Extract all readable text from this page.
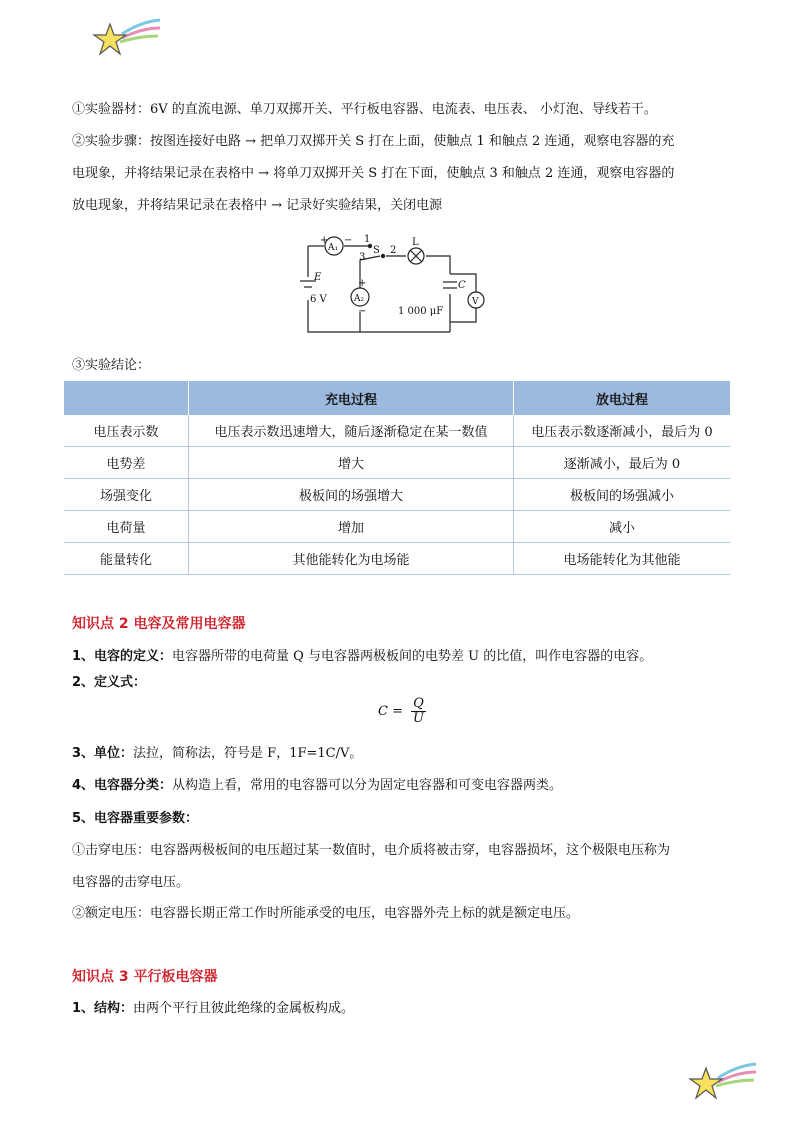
①实验器材：6V 的直流电源、单刀双掷开关、平行板电容器、电流表、电压表、 小灯泡、导线若干。
②实验步骤：按图连接好电路 → 把单刀双掷开关 S 打在上面，使触点 1 和触点 2 连通，观察电容器的充
电现象，并将结果记录在表格中 → 将单刀双掷开关 S 打在下面，使触点 3 和触点 2 连通，观察电容器的
放电现象，并将结果记录在表格中 → 记录好实验结果，关闭电源
+
A₁
− 1
3
S 2
L
E
6 V
+
A₂
−
C
1 000 μF
V
③实验结论：
	充电过程	放电过程
电压表示数	电压表示数迅速增大，随后逐渐稳定在某一数值	电压表示数逐渐减小，最后为 0
电势差	增大	逐渐减小，最后为 0
场强变化	极板间的场强增大	极板间的场强减小
电荷量	增加	减小
能量转化	其他能转化为电场能	电场能转化为其他能
知识点 2 电容及常用电容器
1、电容的定义：电容器所带的电荷量 Q 与电容器两极板间的电势差 U 的比值，叫作电容器的电容。
2、定义式：
$C = \frac{Q}{U}$
3、单位：法拉，简称法，符号是 F，1F=1C/V。
4、电容器分类：从构造上看，常用的电容器可以分为固定电容器和可变电容器两类。
5、电容器重要参数：
①击穿电压：电容器两极板间的电压超过某一数值时，电介质将被击穿，电容器损坏，这个极限电压称为
电容器的击穿电压。
②额定电压：电容器长期正常工作时所能承受的电压，电容器外壳上标的就是额定电压。
知识点 3 平行板电容器
1、结构：由两个平行且彼此绝缘的金属板构成。
